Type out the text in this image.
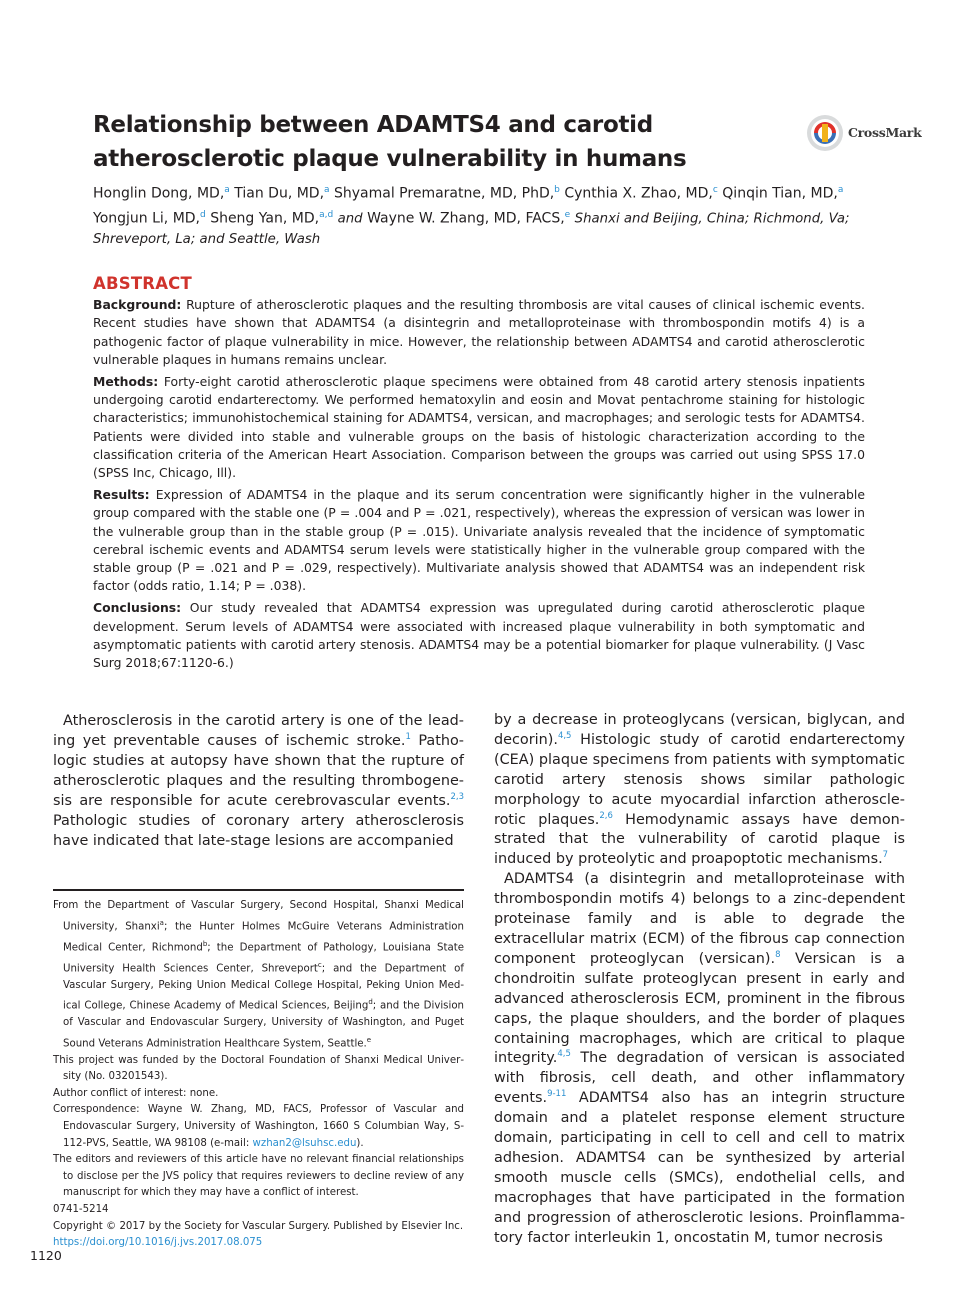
Relationship between ADAMTS4 and carotid atherosclerotic plaque vulnerability in humans
CrossMark
Honglin Dong, MD,$^a$ Tian Du, MD,$^a$ Shyamal Premaratne, MD, PhD,$^b$ Cynthia X. Zhao, MD,$^c$ Qinqin Tian, MD,$^a$ Yongjun Li, MD,$^d$ Sheng Yan, MD,$^{a,d}$ and Wayne W. Zhang, MD, FACS,$^e$ Shanxi and Beijing, China; Richmond, Va; Shreveport, La; and Seattle, Wash
ABSTRACT

Background: Rupture of atherosclerotic plaques and the resulting thrombosis are vital causes of clinical ischemic events. Recent studies have shown that ADAMTS4 (a disintegrin and metalloproteinase with thrombospondin motifs 4) is a pathogenic factor of plaque vulnerability in mice. However, the relationship between ADAMTS4 and carotid atherosclerotic vulnerable plaques in humans remains unclear.

Methods: Forty-eight carotid atherosclerotic plaque specimens were obtained from 48 carotid artery stenosis inpatients undergoing carotid endarterectomy. We performed hematoxylin and eosin and Movat pentachrome staining for histologic characteristics; immunohistochemical staining for ADAMTS4, versican, and macrophages; and serologic tests for ADAMTS4. Patients were divided into stable and vulnerable groups on the basis of histologic characterization according to the classification criteria of the American Heart Association. Comparison between the groups was carried out using SPSS 17.0 (SPSS Inc, Chicago, Ill).

Results: Expression of ADAMTS4 in the plaque and its serum concentration were significantly higher in the vulnerable group compared with the stable one (P = .004 and P = .021, respectively), whereas the expression of versican was lower in the vulnerable group than in the stable group (P = .015). Univariate analysis revealed that the incidence of symptomatic cerebral ischemic events and ADAMTS4 serum levels were statistically higher in the vulnerable group compared with the stable group (P = .021 and P = .029, respectively). Multivariate analysis showed that ADAMTS4 was an independent risk factor (odds ratio, 1.14; P = .038).

Conclusions: Our study revealed that ADAMTS4 expression was upregulated during carotid atherosclerotic plaque development. Serum levels of ADAMTS4 were associated with increased plaque vulnerability in both symptomatic and asymptomatic patients with carotid artery stenosis. ADAMTS4 may be a potential biomarker for plaque vulnerability. (J Vasc Surg 2018;67:1120-6.)

Atherosclerosis in the carotid artery is one of the leading yet preventable causes of ischemic stroke.$^1$ Pathologic studies at autopsy have shown that the rupture of atherosclerotic plaques and the resulting thrombogenesis are responsible for acute cerebrovascular events.$^{2,3}$ Pathologic studies of coronary artery atherosclerosis have indicated that late-stage lesions are accompanied

From the Department of Vascular Surgery, Second Hospital, Shanxi Medical University, Shanxi$^a$; the Hunter Holmes McGuire Veterans Administration Medical Center, Richmond$^b$; the Department of Pathology, Louisiana State University Health Sciences Center, Shreveport$^c$; and the Department of Vascular Surgery, Peking Union Medical College Hospital, Peking Union Medical College, Chinese Academy of Medical Sciences, Beijing$^d$; and the Division of Vascular and Endovascular Surgery, University of Washington, and Puget Sound Veterans Administration Healthcare System, Seattle.$^e$

This project was funded by the Doctoral Foundation of Shanxi Medical University (No. 03201543).

Author conflict of interest: none.

Correspondence: Wayne W. Zhang, MD, FACS, Professor of Vascular and Endovascular Surgery, University of Washington, 1660 S Columbian Way, S-112-PVS, Seattle, WA 98108 (e-mail: wzhan2@lsuhsc.edu).

The editors and reviewers of this article have no relevant financial relationships to disclose per the JVS policy that requires reviewers to decline review of any manuscript for which they may have a conflict of interest.

0741-5214

Copyright © 2017 by the Society for Vascular Surgery. Published by Elsevier Inc.

https://doi.org/10.1016/j.jvs.2017.08.075

by a decrease in proteoglycans (versican, biglycan, and decorin).$^{4,5}$ Histologic study of carotid endarterectomy (CEA) plaque specimens from patients with symptomatic carotid artery stenosis shows similar pathologic morphology to acute myocardial infarction atherosclerotic plaques.$^{2,6}$ Hemodynamic assays have demonstrated that the vulnerability of carotid plaque is induced by proteolytic and proapoptotic mechanisms.$^7$

ADAMTS4 (a disintegrin and metalloproteinase with thrombospondin motifs 4) belongs to a zinc-dependent proteinase family and is able to degrade the extracellular matrix (ECM) of the fibrous cap connection component proteoglycan (versican).$^8$ Versican is a chondroitin sulfate proteoglycan present in early and advanced atherosclerosis ECM, prominent in the fibrous caps, the plaque shoulders, and the border of plaques containing macrophages, which are critical to plaque integrity.$^{4,5}$ The degradation of versican is associated with fibrosis, cell death, and other inflammatory events.$^{9-11}$ ADAMTS4 also has an integrin structure domain and a platelet response element structure domain, participating in cell to cell and cell to matrix adhesion. ADAMTS4 can be synthesized by arterial smooth muscle cells (SMCs), endothelial cells, and macrophages that have participated in the formation and progression of atherosclerotic lesions. Proinflammatory factor interleukin 1, oncostatin M, tumor necrosis

1120
